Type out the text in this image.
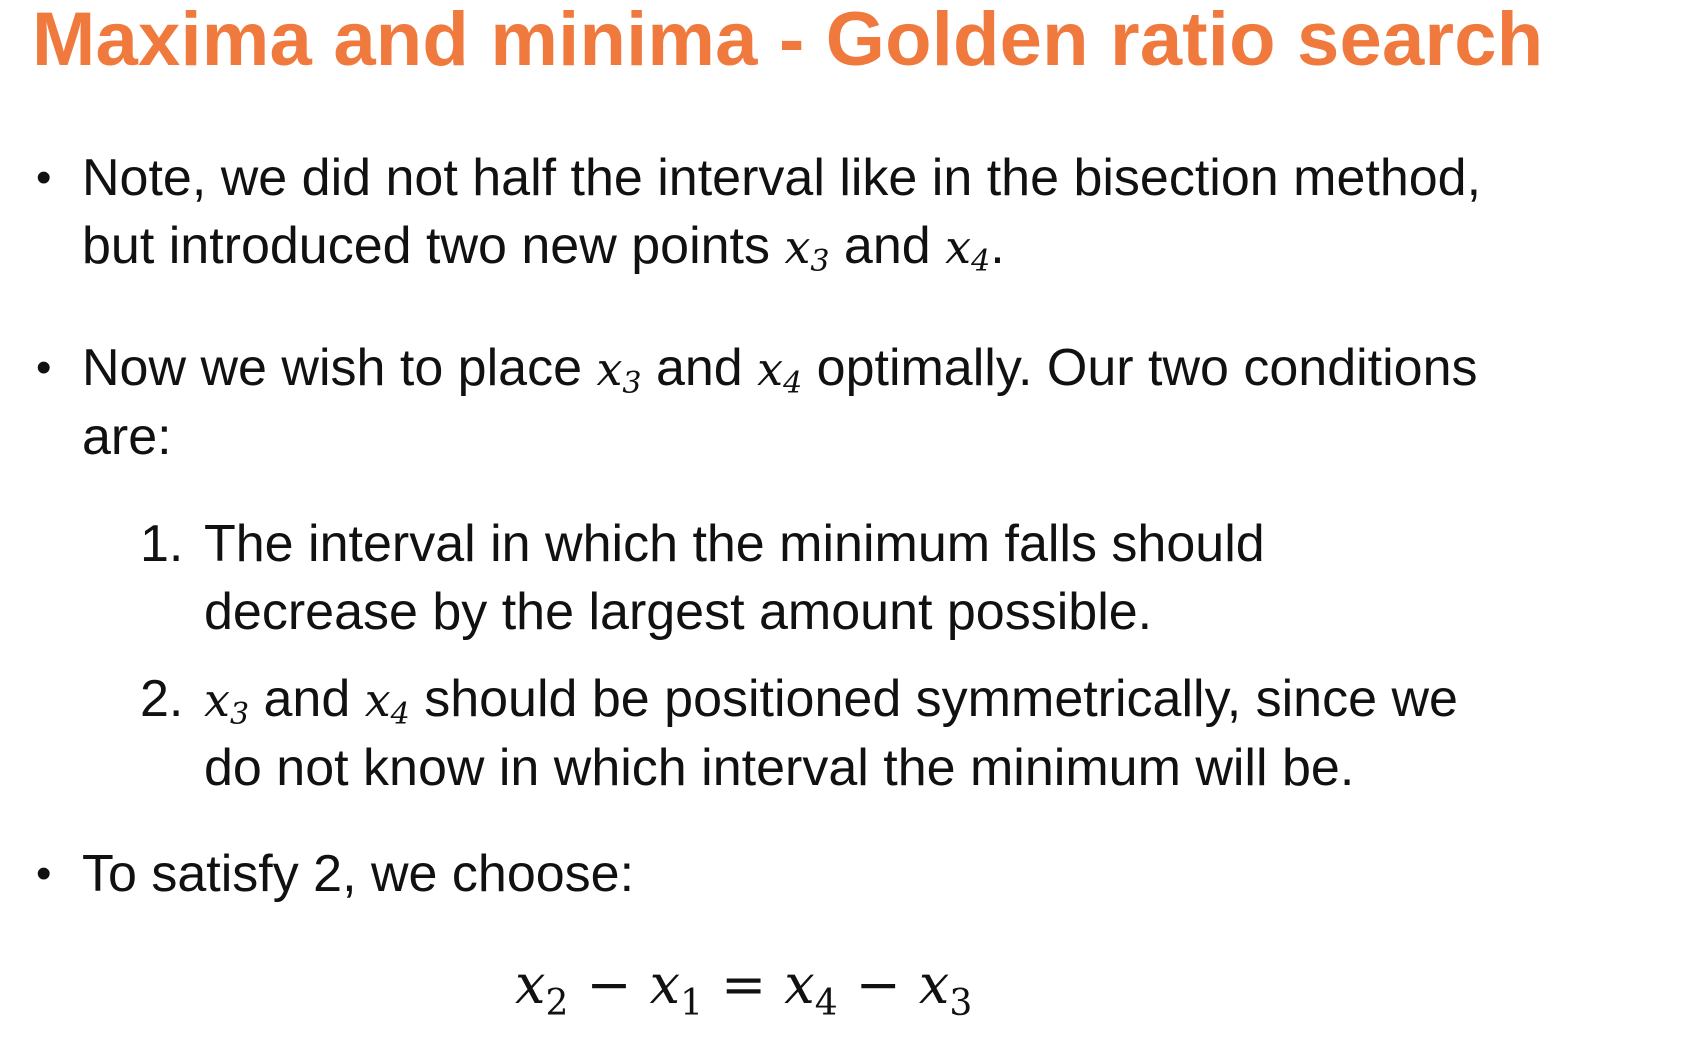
Maxima and minima - Golden ratio search
• Note, we did not half the interval like in the bisection method,
but introduced two new points $x_3$ and $x_4$.
• Now we wish to place $x_3$ and $x_4$ optimally. Our two conditions
are:
1. The interval in which the minimum falls should
decrease by the largest amount possible.
2. $x_3$ and $x_4$ should be positioned symmetrically, since we
do not know in which interval the minimum will be.
• To satisfy 2, we choose:
$x_2 - x_1 = x_4 - x_3$
